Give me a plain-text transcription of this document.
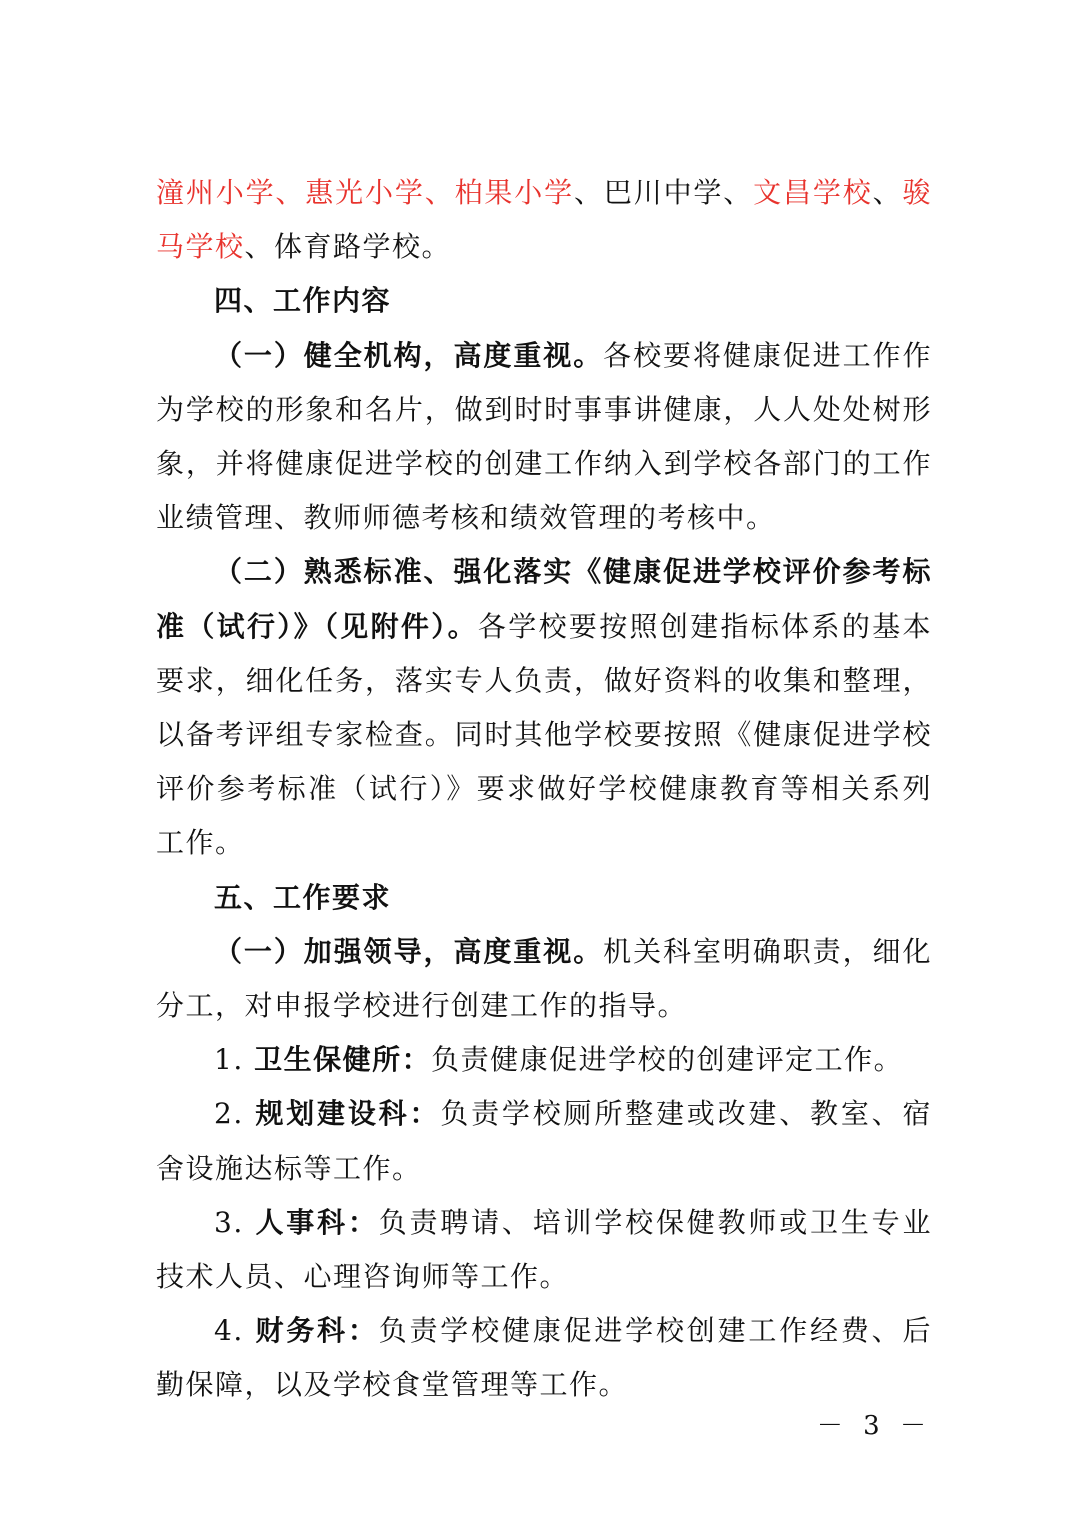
潼州小学、惠光小学、柏果小学、巴川中学、文昌学校、骏马学校、体育路学校。

四、工作内容

（一）健全机构，高度重视。各校要将健康促进工作作为学校的形象和名片，做到时时事事讲健康，人人处处树形象，并将健康促进学校的创建工作纳入到学校各部门的工作业绩管理、教师师德考核和绩效管理的考核中。

（二）熟悉标准、强化落实《健康促进学校评价参考标准（试行）》（见附件）。各学校要按照创建指标体系的基本要求，细化任务，落实专人负责，做好资料的收集和整理，以备考评组专家检查。同时其他学校要按照《健康促进学校评价参考标准（试行）》要求做好学校健康教育等相关系列工作。

五、工作要求

（一）加强领导，高度重视。机关科室明确职责，细化分工，对申报学校进行创建工作的指导。

1. 卫生保健所：负责健康促进学校的创建评定工作。

2. 规划建设科：负责学校厕所整建或改建、教室、宿舍设施达标等工作。

3. 人事科：负责聘请、培训学校保健教师或卫生专业技术人员、心理咨询师等工作。

4. 财务科：负责学校健康促进学校创建工作经费、后勤保障，以及学校食堂管理等工作。

－ 3 －
